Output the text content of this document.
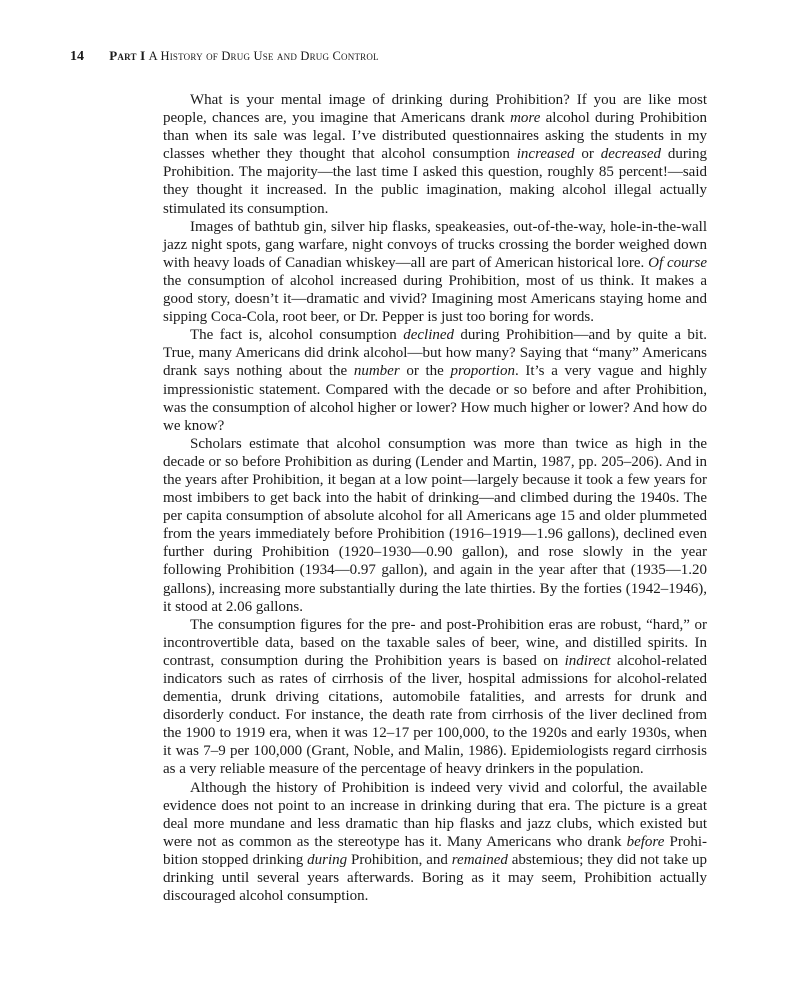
14 Part I A History of Drug Use and Drug Control

What is your mental image of drinking during Prohibition? If you are like most people, chances are, you imagine that Americans drank more alcohol during Prohibition than when its sale was legal. I’ve distributed questionnaires asking the students in my classes whether they thought that alcohol consumption increased or decreased during Prohibition. The majority—the last time I asked this question, roughly 85 percent!—said they thought it increased. In the public imagination, making alcohol illegal actually stimulated its consumption.

Images of bathtub gin, silver hip flasks, speakeasies, out-of-the-way, hole-in-the-wall jazz night spots, gang warfare, night convoys of trucks crossing the border weighed down with heavy loads of Canadian whiskey—all are part of American historical lore. Of course the consumption of alcohol increased during Prohibition, most of us think. It makes a good story, doesn’t it—dramatic and vivid? Imagining most Americans staying home and sipping Coca-Cola, root beer, or Dr. Pepper is just too boring for words.

The fact is, alcohol consumption declined during Prohibition—and by quite a bit. True, many Americans did drink alcohol—but how many? Saying that “many” Americans drank says nothing about the number or the proportion. It’s a very vague and highly impressionistic statement. Compared with the decade or so before and after Prohibition, was the consumption of alcohol higher or lower? How much higher or lower? And how do we know?

Scholars estimate that alcohol consumption was more than twice as high in the decade or so before Prohibition as during (Lender and Martin, 1987, pp. 205–206). And in the years after Prohibition, it began at a low point—largely because it took a few years for most imbibers to get back into the habit of drinking—and climbed during the 1940s. The per capita consumption of absolute alcohol for all Americans age 15 and older plummeted from the years immediately before Prohibition (1916–1919—1.96 gallons), declined even further during Prohibition (1920–1930—0.90 gallon), and rose slowly in the year following Prohibition (1934—0.97 gallon), and again in the year after that (1935—1.20 gallons), increasing more substantially during the late thirties. By the forties (1942–1946), it stood at 2.06 gallons.

The consumption figures for the pre- and post-Prohibition eras are robust, “hard,” or incontrovertible data, based on the taxable sales of beer, wine, and distilled spirits. In contrast, consumption during the Prohibition years is based on indirect alcohol-related indicators such as rates of cirrhosis of the liver, hospital admissions for alcohol-related dementia, drunk driving citations, automobile fatalities, and arrests for drunk and disorderly conduct. For instance, the death rate from cirrhosis of the liver declined from the 1900 to 1919 era, when it was 12–17 per 100,000, to the 1920s and early 1930s, when it was 7–9 per 100,000 (Grant, Noble, and Malin, 1986). Epidemiologists regard cirrhosis as a very reliable measure of the percentage of heavy drinkers in the population.

Although the history of Prohibition is indeed very vivid and colorful, the available evidence does not point to an increase in drinking during that era. The picture is a great deal more mundane and less dramatic than hip flasks and jazz clubs, which existed but were not as common as the stereotype has it. Many Americans who drank before Prohibition stopped drinking during Prohibition, and remained abstemious; they did not take up drinking until several years afterwards. Boring as it may seem, Prohibition actually discouraged alcohol consumption.
